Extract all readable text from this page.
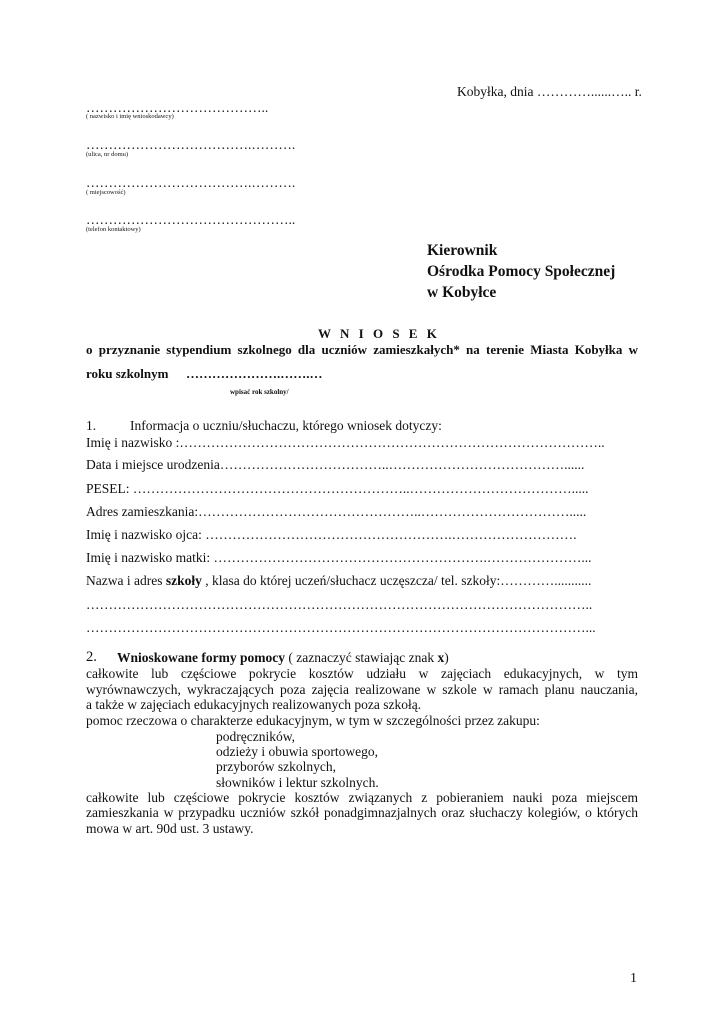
Kobyłka, dnia …………......….. r.
…………………………………..
( nazwisko i imię wnioskodawcy)
……………………………….……….
(ulica, nr domu)
……………………………….……….
( miejscowość)
………………………………………..
(telefon kontaktowy)
Kierownik
Ośrodka Pomocy Społecznej
w Kobyłce
W N I O S E K
o przyznanie stypendium szkolnego dla uczniów zamieszkałych* na terenie Miasta Kobyłka w
roku szkolnym ………………….…….…
wpisać rok szkolny/
1.	Informacja o uczniu/słuchaczu, którego wniosek dotyczy:
Imię i nazwisko :…………………………………………………………………………………..
Data i miejsce urodzenia………………………………..…………………………………......
PESEL: ……………………………………………………..……………………………….....
Adres zamieszkania:…………………………………………..…………………………….....
Imię i nazwisko ojca: ……………………………………………….……………………….
Imię i nazwisko matki: …………………………………………………….…………………...
Nazwa i adres szkoły , klasa do której uczeń/słuchacz uczęszcza/ tel. szkoły:…………...........
…………………………………………………………………………………………………..
…………………………………………………………………………………………………...
2. Wnioskowane formy pomocy ( zaznaczyć stawiając znak x)
całkowite lub częściowe pokrycie kosztów udziału w zajęciach edukacyjnych, w tym
wyrównawczych, wykraczających poza zajęcia realizowane w szkole w ramach planu nauczania,
a także w zajęciach edukacyjnych realizowanych poza szkołą.
pomoc rzeczowa o charakterze edukacyjnym, w tym w szczególności przez zakupu:
podręczników,
odzieży i obuwia sportowego,
przyborów szkolnych,
słowników i lektur szkolnych.
całkowite lub częściowe pokrycie kosztów związanych z pobieraniem nauki poza miejscem
zamieszkania w przypadku uczniów szkół ponadgimnazjalnych oraz słuchaczy kolegiów, o których
mowa w art. 90d ust. 3 ustawy.
1
